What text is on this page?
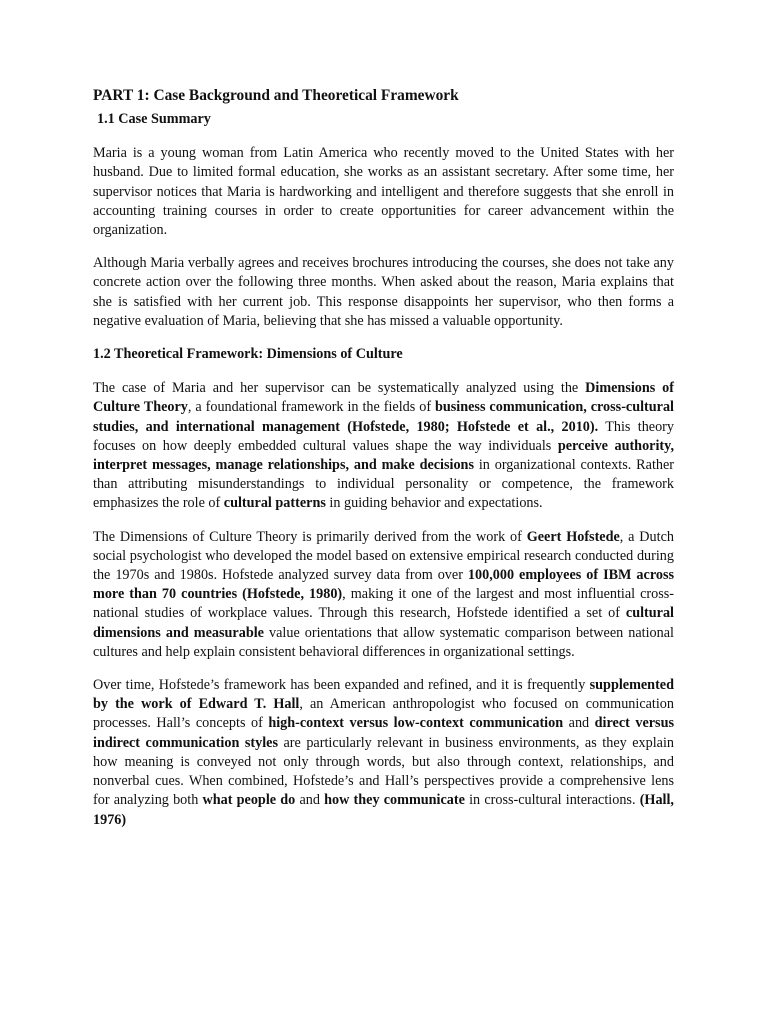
PART 1: Case Background and Theoretical Framework
1.1 Case Summary

Maria is a young woman from Latin America who recently moved to the United States with her husband. Due to limited formal education, she works as an assistant secretary. After some time, her supervisor notices that Maria is hardworking and intelligent and therefore suggests that she enroll in accounting training courses in order to create opportunities for career advancement within the organization.

Although Maria verbally agrees and receives brochures introducing the courses, she does not take any concrete action over the following three months. When asked about the reason, Maria explains that she is satisfied with her current job. This response disappoints her supervisor, who then forms a negative evaluation of Maria, believing that she has missed a valuable opportunity.

1.2 Theoretical Framework: Dimensions of Culture

The case of Maria and her supervisor can be systematically analyzed using the Dimensions of Culture Theory, a foundational framework in the fields of business communication, cross-cultural studies, and international management (Hofstede, 1980; Hofstede et al., 2010). This theory focuses on how deeply embedded cultural values shape the way individuals perceive authority, interpret messages, manage relationships, and make decisions in organizational contexts. Rather than attributing misunderstandings to individual personality or competence, the framework emphasizes the role of cultural patterns in guiding behavior and expectations.

The Dimensions of Culture Theory is primarily derived from the work of Geert Hofstede, a Dutch social psychologist who developed the model based on extensive empirical research conducted during the 1970s and 1980s. Hofstede analyzed survey data from over 100,000 employees of IBM across more than 70 countries (Hofstede, 1980), making it one of the largest and most influential cross-national studies of workplace values. Through this research, Hofstede identified a set of cultural dimensions and measurable value orientations that allow systematic comparison between national cultures and help explain consistent behavioral differences in organizational settings.

Over time, Hofstede’s framework has been expanded and refined, and it is frequently supplemented by the work of Edward T. Hall, an American anthropologist who focused on communication processes. Hall’s concepts of high-context versus low-context communication and direct versus indirect communication styles are particularly relevant in business environments, as they explain how meaning is conveyed not only through words, but also through context, relationships, and nonverbal cues. When combined, Hofstede’s and Hall’s perspectives provide a comprehensive lens for analyzing both what people do and how they communicate in cross-cultural interactions. (Hall, 1976)
